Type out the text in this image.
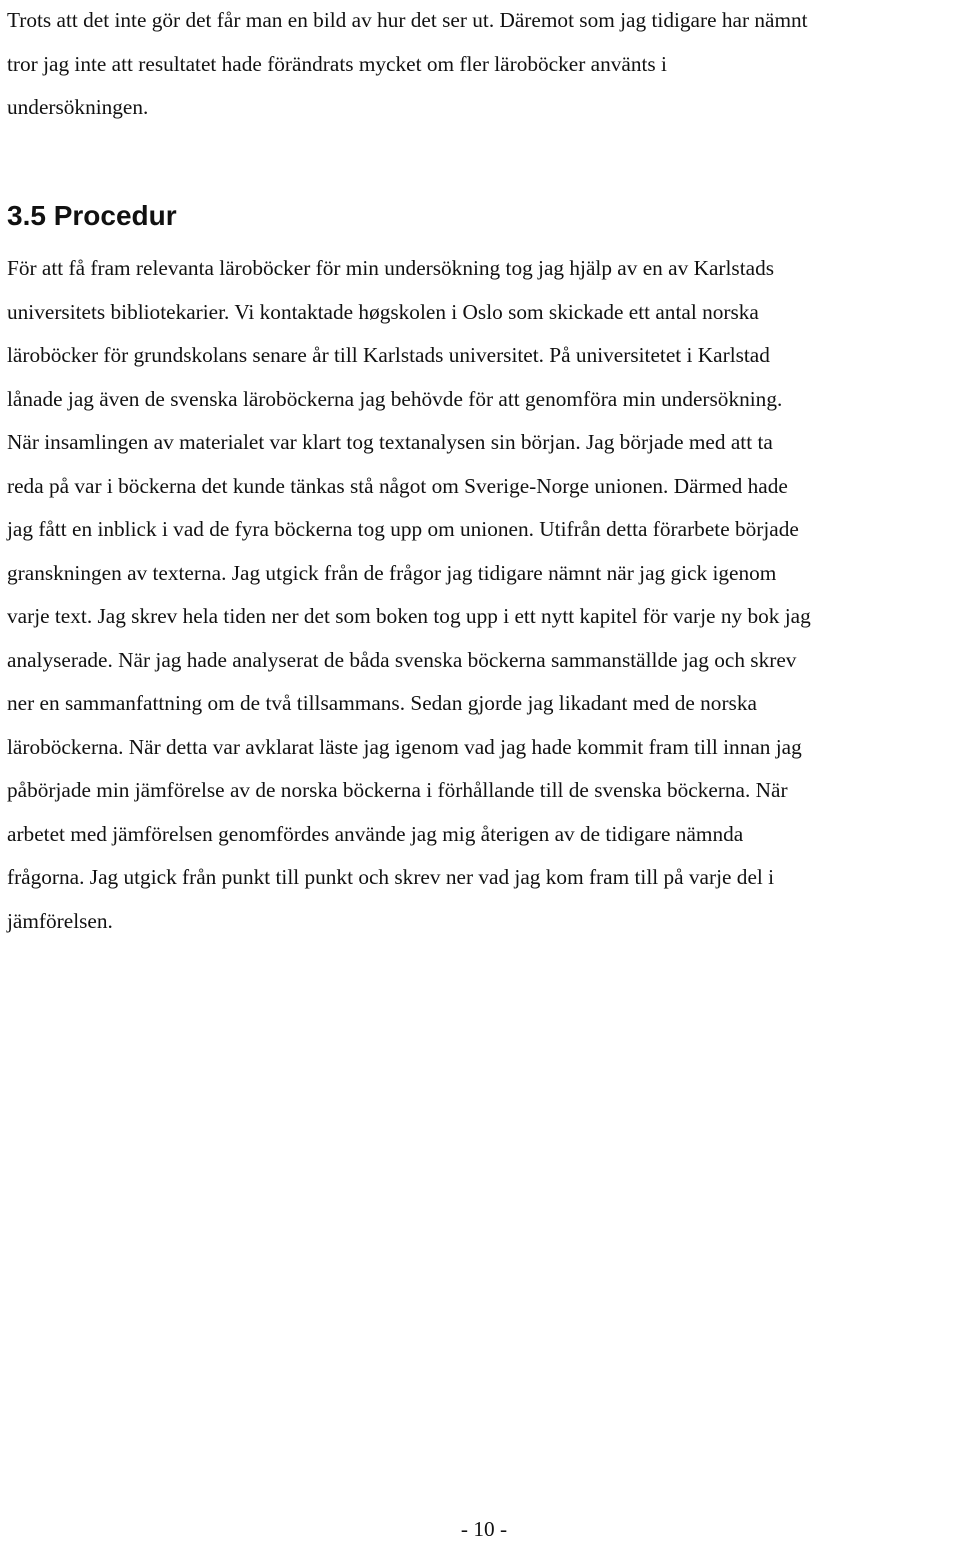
Trots att det inte gör det får man en bild av hur det ser ut. Däremot som jag tidigare har nämnt
tror jag inte att resultatet hade förändrats mycket om fler läroböcker använts i
undersökningen.

3.5 Procedur

För att få fram relevanta läroböcker för min undersökning tog jag hjälp av en av Karlstads
universitets bibliotekarier. Vi kontaktade høgskolen i Oslo som skickade ett antal norska
läroböcker för grundskolans senare år till Karlstads universitet. På universitetet i Karlstad
lånade jag även de svenska läroböckerna jag behövde för att genomföra min undersökning.
När insamlingen av materialet var klart tog textanalysen sin början. Jag började med att ta
reda på var i böckerna det kunde tänkas stå något om Sverige-Norge unionen. Därmed hade
jag fått en inblick i vad de fyra böckerna tog upp om unionen. Utifrån detta förarbete började
granskningen av texterna. Jag utgick från de frågor jag tidigare nämnt när jag gick igenom
varje text. Jag skrev hela tiden ner det som boken tog upp i ett nytt kapitel för varje ny bok jag
analyserade. När jag hade analyserat de båda svenska böckerna sammanställde jag och skrev
ner en sammanfattning om de två tillsammans. Sedan gjorde jag likadant med de norska
läroböckerna. När detta var avklarat läste jag igenom vad jag hade kommit fram till innan jag
påbörjade min jämförelse av de norska böckerna i förhållande till de svenska böckerna. När
arbetet med jämförelsen genomfördes använde jag mig återigen av de tidigare nämnda
frågorna. Jag utgick från punkt till punkt och skrev ner vad jag kom fram till på varje del i
jämförelsen.

- 10 -
